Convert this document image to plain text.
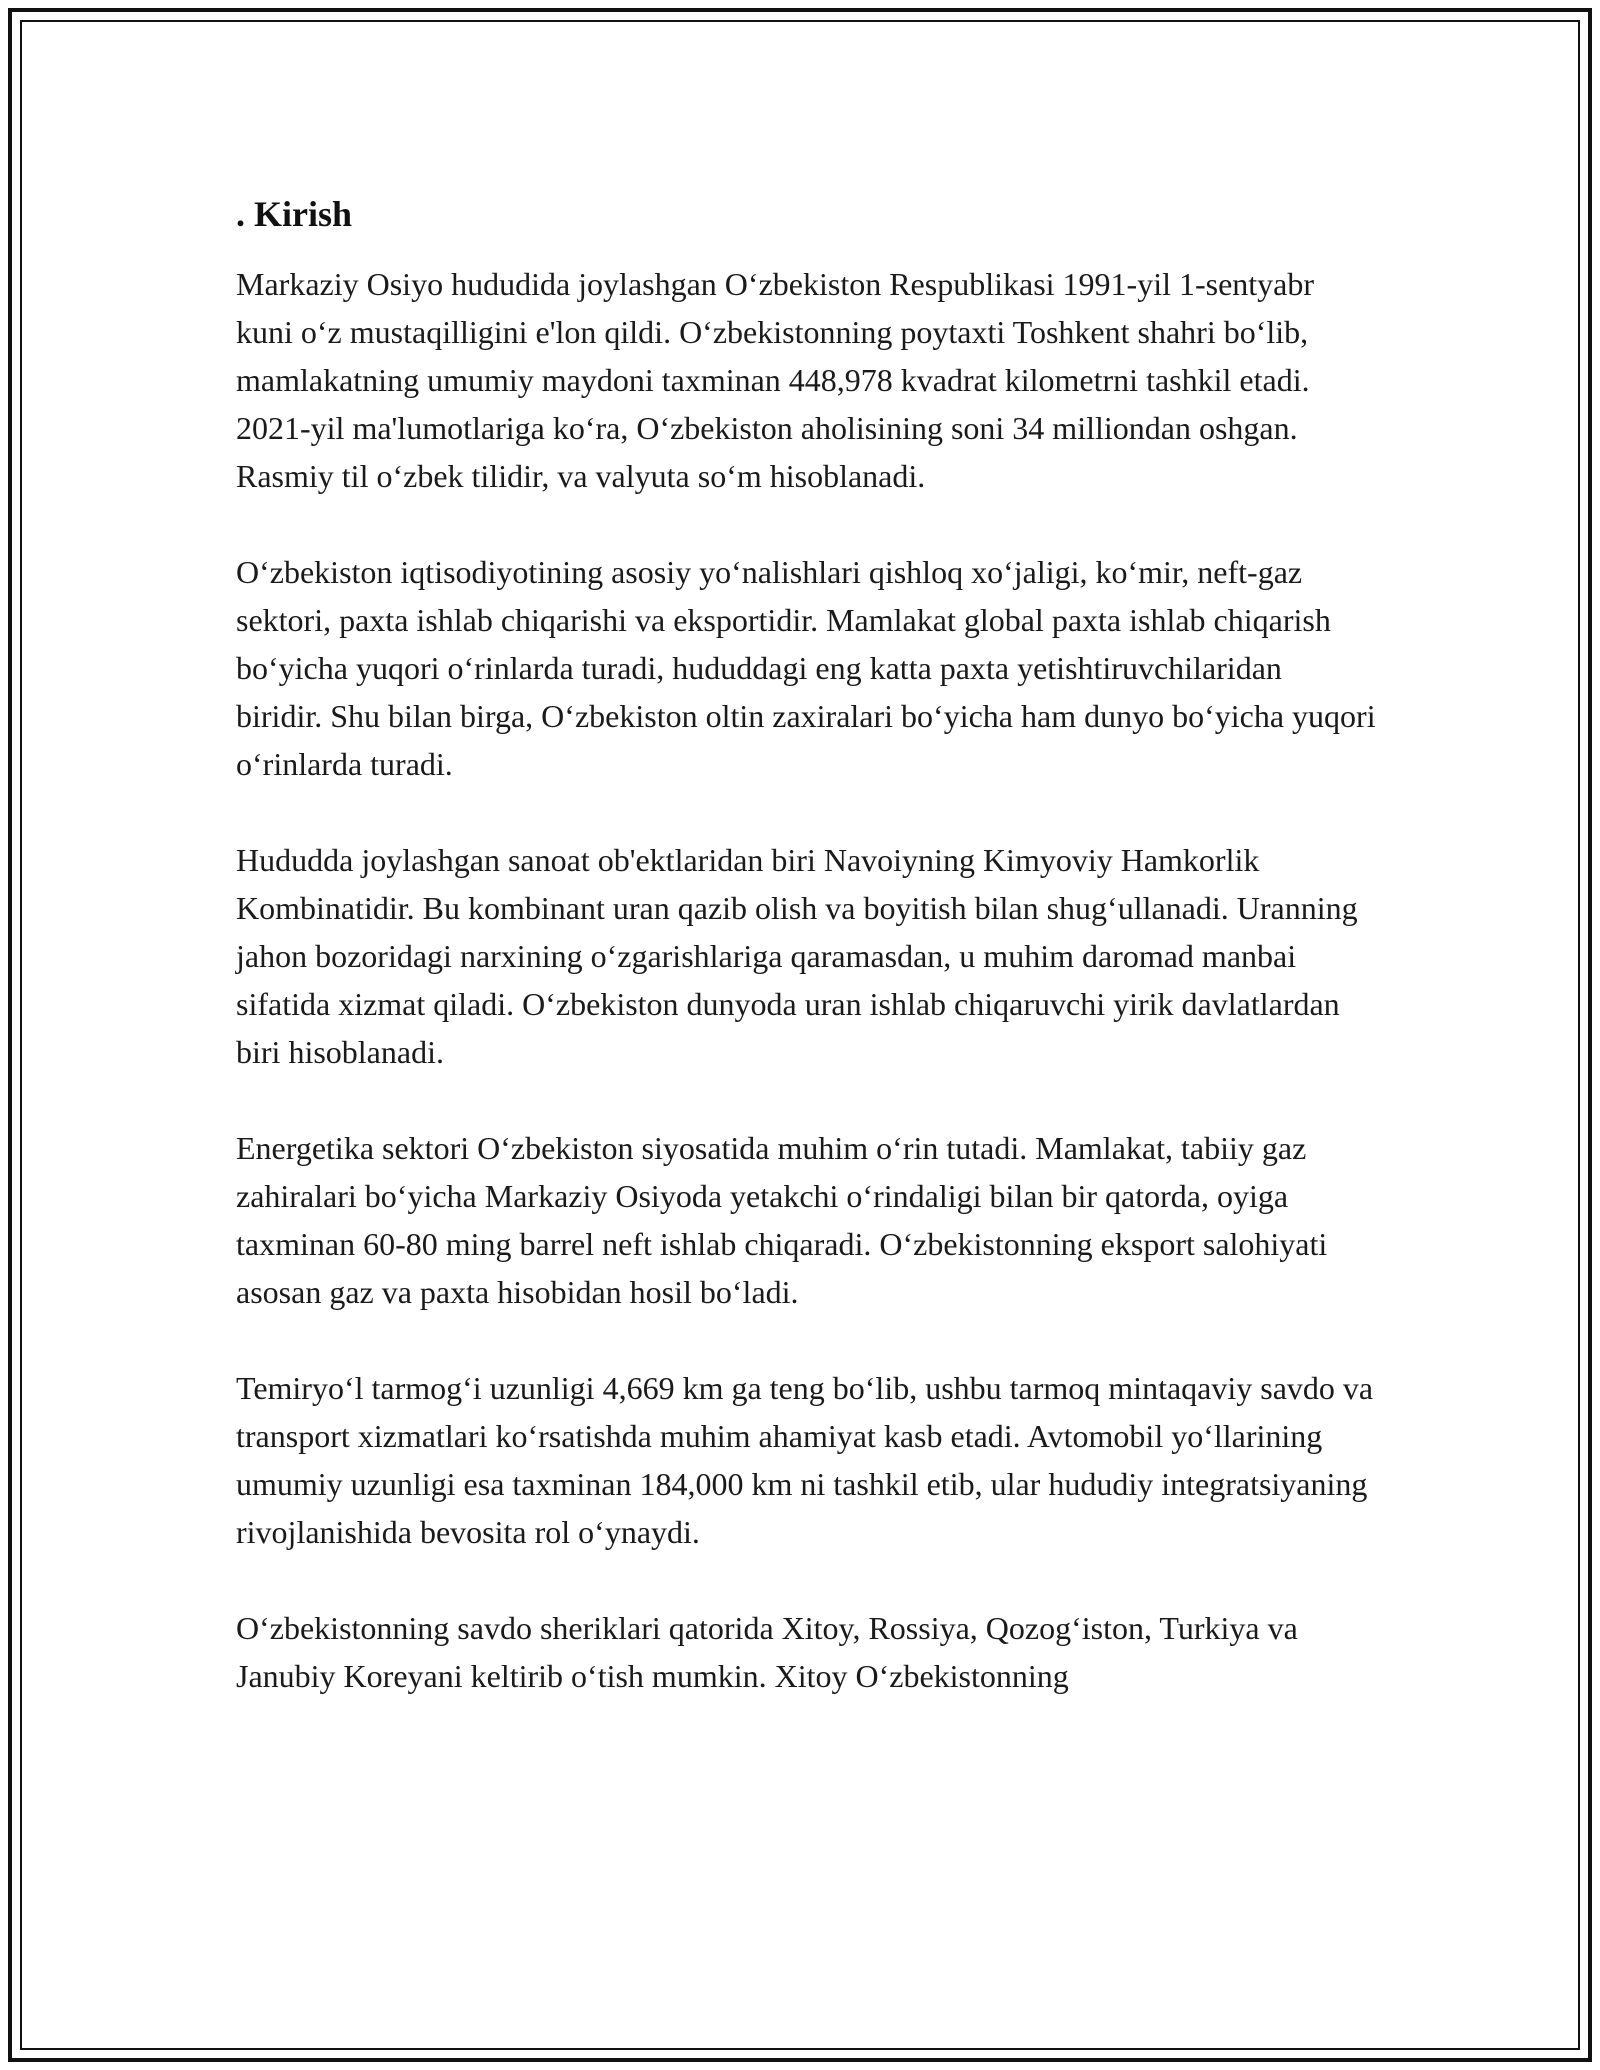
. Kirish

Markaziy Osiyo hududida joylashgan O‘zbekiston Respublikasi 1991-yil 1-sentyabr kuni o‘z mustaqilligini e'lon qildi. O‘zbekistonning poytaxti Toshkent shahri bo‘lib, mamlakatning umumiy maydoni taxminan 448,978 kvadrat kilometrni tashkil etadi. 2021-yil ma'lumotlariga ko‘ra, O‘zbekiston aholisining soni 34 milliondan oshgan. Rasmiy til o‘zbek tilidir, va valyuta so‘m hisoblanadi.

O‘zbekiston iqtisodiyotining asosiy yo‘nalishlari qishloq xo‘jaligi, ko‘mir, neft-gaz sektori, paxta ishlab chiqarishi va eksportidir. Mamlakat global paxta ishlab chiqarish bo‘yicha yuqori o‘rinlarda turadi, hududdagi eng katta paxta yetishtiruvchilaridan biridir. Shu bilan birga, O‘zbekiston oltin zaxiralari bo‘yicha ham dunyo bo‘yicha yuqori o‘rinlarda turadi.

Hududda joylashgan sanoat ob'ektlaridan biri Navoiyning Kimyoviy Hamkorlik Kombinatidir. Bu kombinant uran qazib olish va boyitish bilan shug‘ullanadi. Uranning jahon bozoridagi narxining o‘zgarishlariga qaramasdan, u muhim daromad manbai sifatida xizmat qiladi. O‘zbekiston dunyoda uran ishlab chiqaruvchi yirik davlatlardan biri hisoblanadi.

Energetika sektori O‘zbekiston siyosatida muhim o‘rin tutadi. Mamlakat, tabiiy gaz zahiralari bo‘yicha Markaziy Osiyoda yetakchi o‘rindaligi bilan bir qatorda, oyiga taxminan 60-80 ming barrel neft ishlab chiqaradi. O‘zbekistonning eksport salohiyati asosan gaz va paxta hisobidan hosil bo‘ladi.

Temiryo‘l tarmog‘i uzunligi 4,669 km ga teng bo‘lib, ushbu tarmoq mintaqaviy savdo va transport xizmatlari ko‘rsatishda muhim ahamiyat kasb etadi. Avtomobil yo‘llarining umumiy uzunligi esa taxminan 184,000 km ni tashkil etib, ular hududiy integratsiyaning rivojlanishida bevosita rol o‘ynaydi.

O‘zbekistonning savdo sheriklari qatorida Xitoy, Rossiya, Qozog‘iston, Turkiya va Janubiy Koreyani keltirib o‘tish mumkin. Xitoy O‘zbekistonning
